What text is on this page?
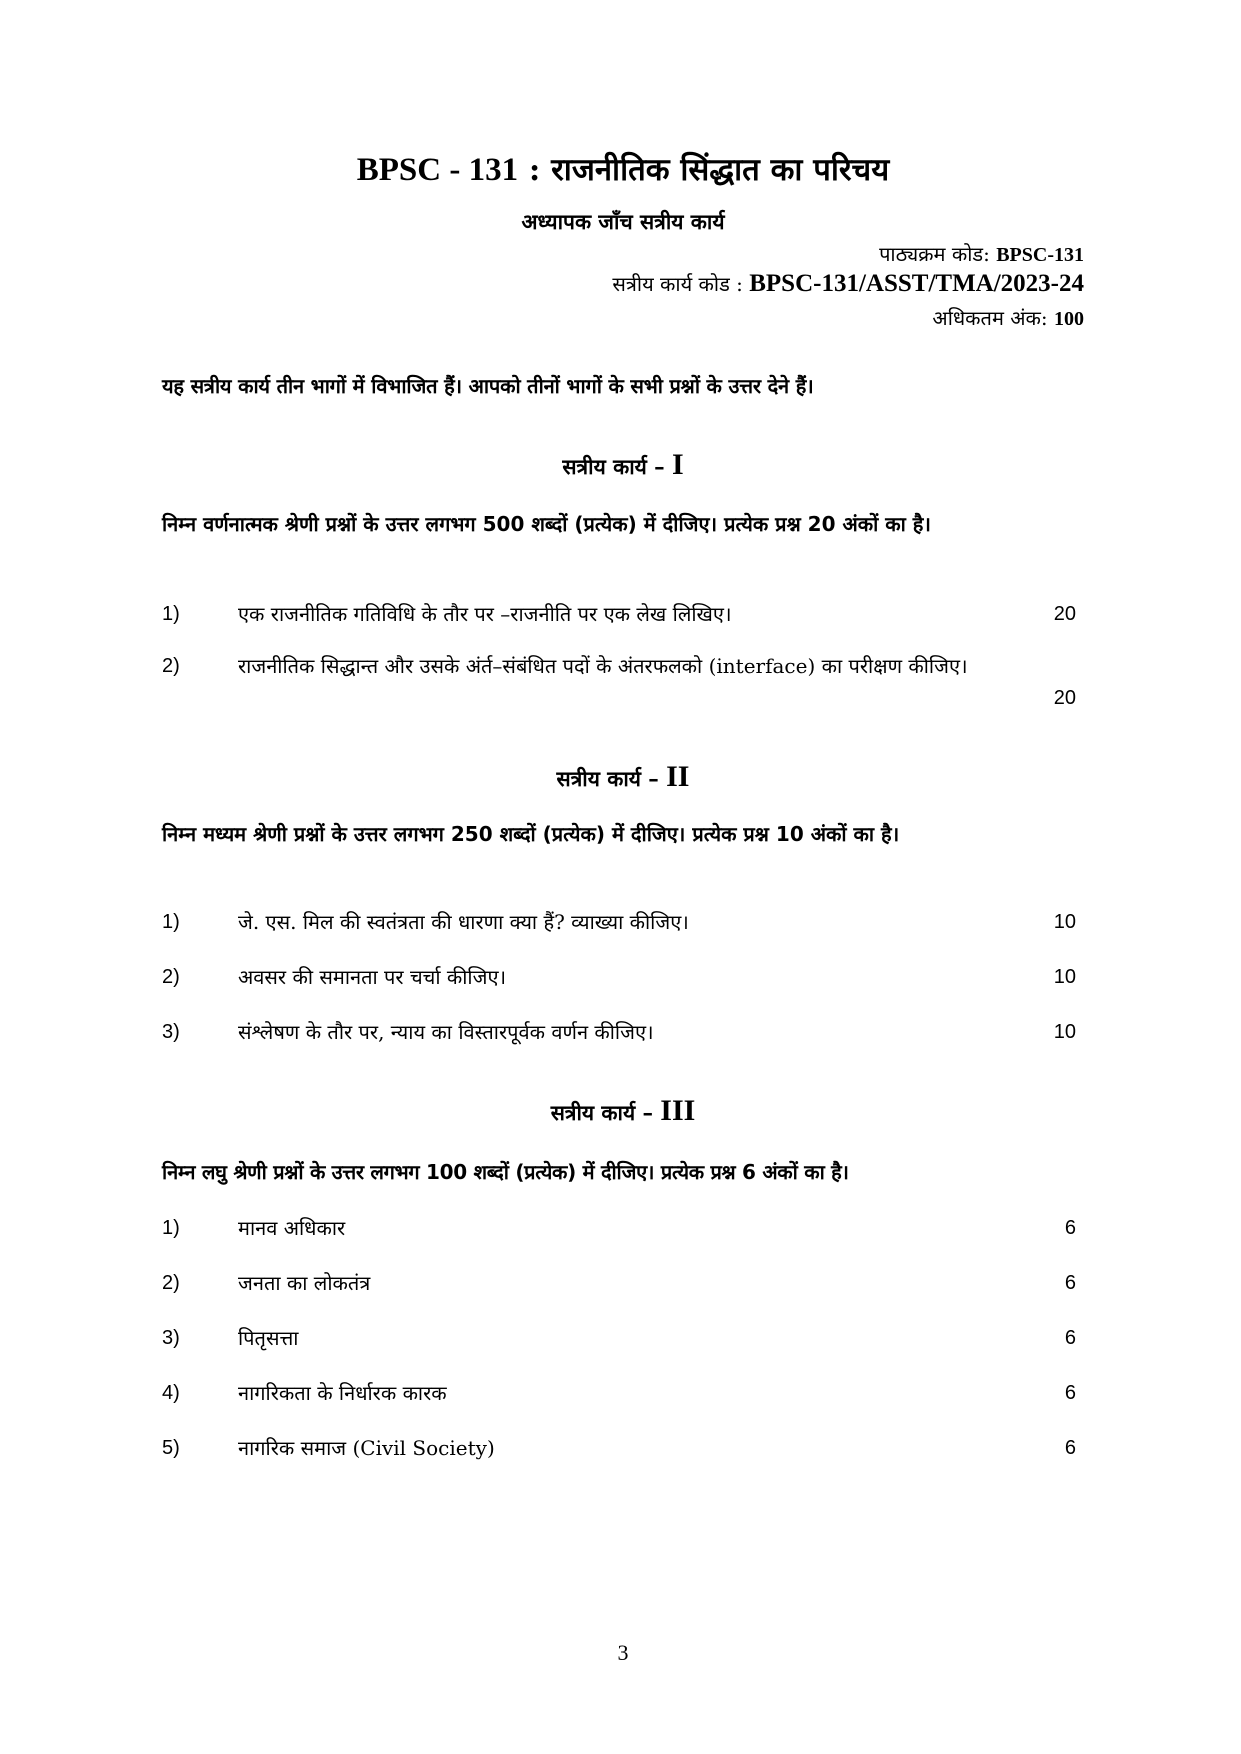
BPSC - 131 : राजनीतिक सिंद्धात का परिचय
अध्यापक जाँच सत्रीय कार्य
पाठ्यक्रम कोड: BPSC-131
सत्रीय कार्य कोड : BPSC-131/ASST/TMA/2023-24
अधिकतम अंक: 100
यह सत्रीय कार्य तीन भागों में विभाजित हैं। आपको तीनों भागों के सभी प्रश्नों के उत्तर देने हैं।
सत्रीय कार्य – I
निम्न वर्णनात्मक श्रेणी प्रश्नों के उत्तर लगभग 500 शब्दों (प्रत्येक) में दीजिए। प्रत्येक प्रश्न 20 अंकों का है।
1)	एक राजनीतिक गतिविधि के तौर पर –राजनीति पर एक लेख लिखिए।	20
2)	राजनीतिक सिद्धान्त और उसके अंर्त–संबंधित पदों के अंतरफलको (interface) का परीक्षण कीजिए।
20
सत्रीय कार्य – II
निम्न मध्यम श्रेणी प्रश्नों के उत्तर लगभग 250 शब्दों (प्रत्येक) में दीजिए। प्रत्येक प्रश्न 10 अंकों का है।
1)	जे. एस. मिल की स्वतंत्रता की धारणा क्या हैं? व्याख्या कीजिए।	10
2)	अवसर की समानता पर चर्चा कीजिए।	10
3)	संश्लेषण के तौर पर, न्याय का विस्तारपूर्वक वर्णन कीजिए।	10
सत्रीय कार्य – III
निम्न लघु श्रेणी प्रश्नों के उत्तर लगभग 100 शब्दों (प्रत्येक) में दीजिए। प्रत्येक प्रश्न 6 अंकों का है।
1)	मानव अधिकार	6
2)	जनता का लोकतंत्र	6
3)	पितृसत्ता	6
4)	नागरिकता के निर्धारक कारक	6
5)	नागरिक समाज (Civil Society)	6
3
